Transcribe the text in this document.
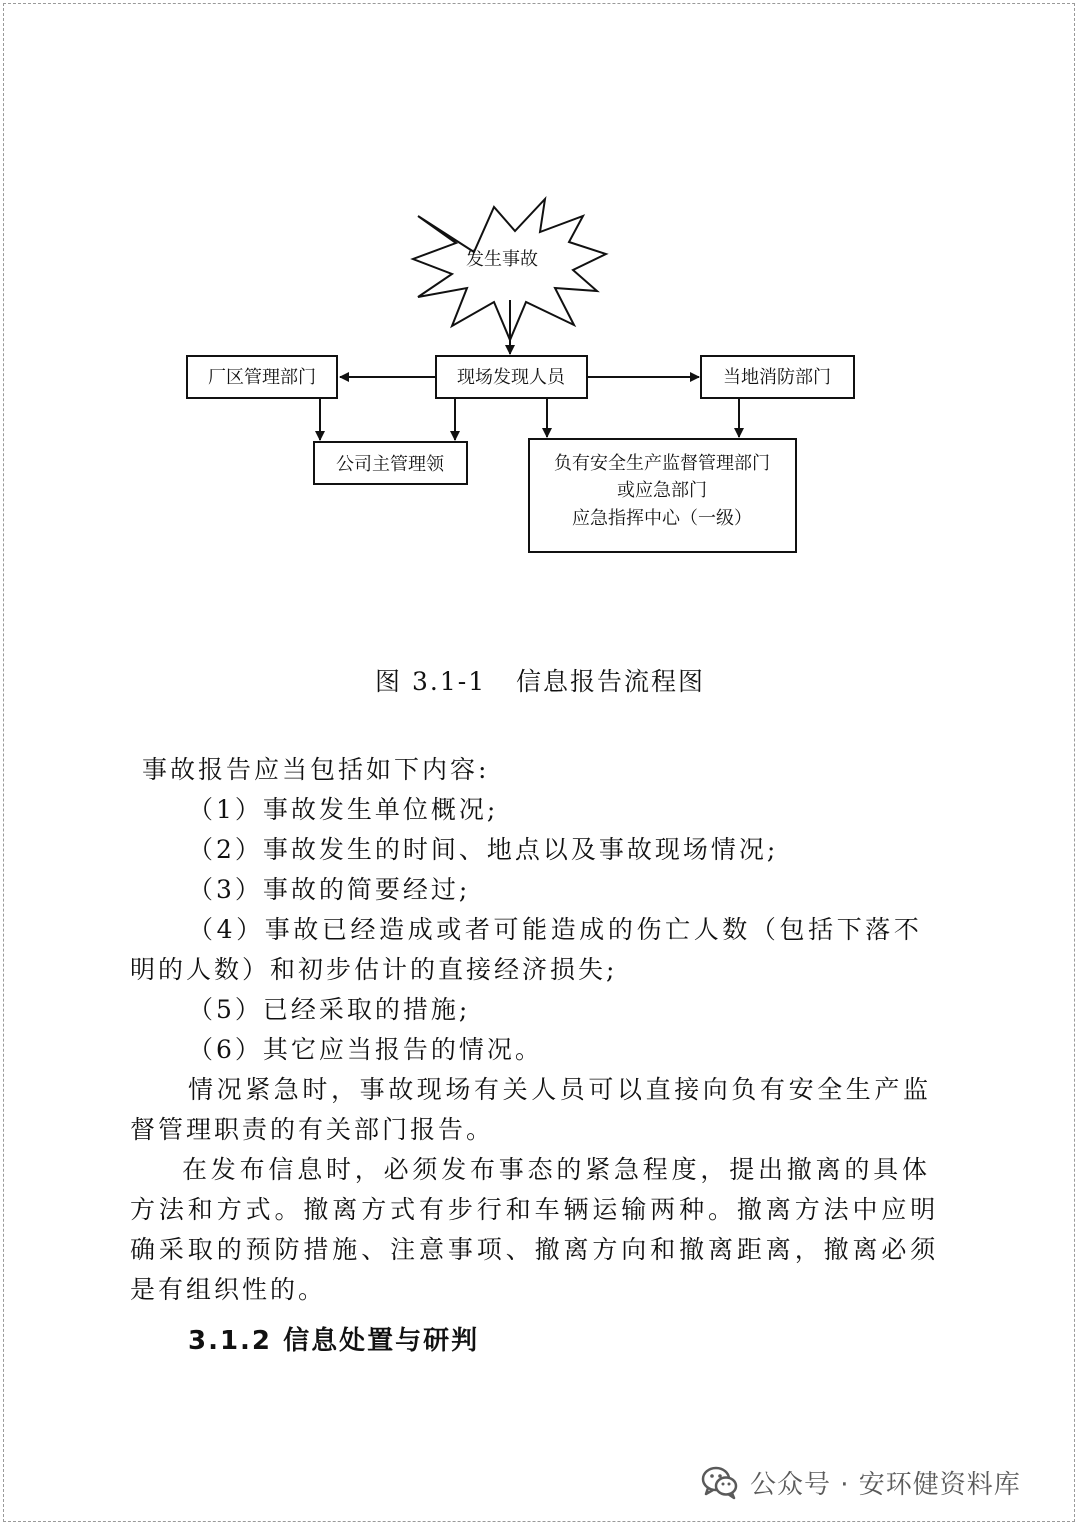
发生事故
厂区管理部门	现场发现人员	当地消防部门
公司主管理领	负有安全生产监督管理部门
或应急部门
应急指挥中心（一级）
图 3.1-1   信息报告流程图
事故报告应当包括如下内容:
（1）事故发生单位概况;
（2）事故发生的时间、地点以及事故现场情况;
（3）事故的简要经过;
（4）事故已经造成或者可能造成的伤亡人数（包括下落不
明的人数）和初步估计的直接经济损失;
（5）已经采取的措施;
（6）其它应当报告的情况。
情况紧急时，事故现场有关人员可以直接向负有安全生产监
督管理职责的有关部门报告。
在发布信息时，必须发布事态的紧急程度，提出撤离的具体
方法和方式。撤离方式有步行和车辆运输两种。撤离方法中应明
确采取的预防措施、注意事项、撤离方向和撤离距离，撤离必须
是有组织性的。
3.1.2 信息处置与研判
公众号 · 安环健资料库
